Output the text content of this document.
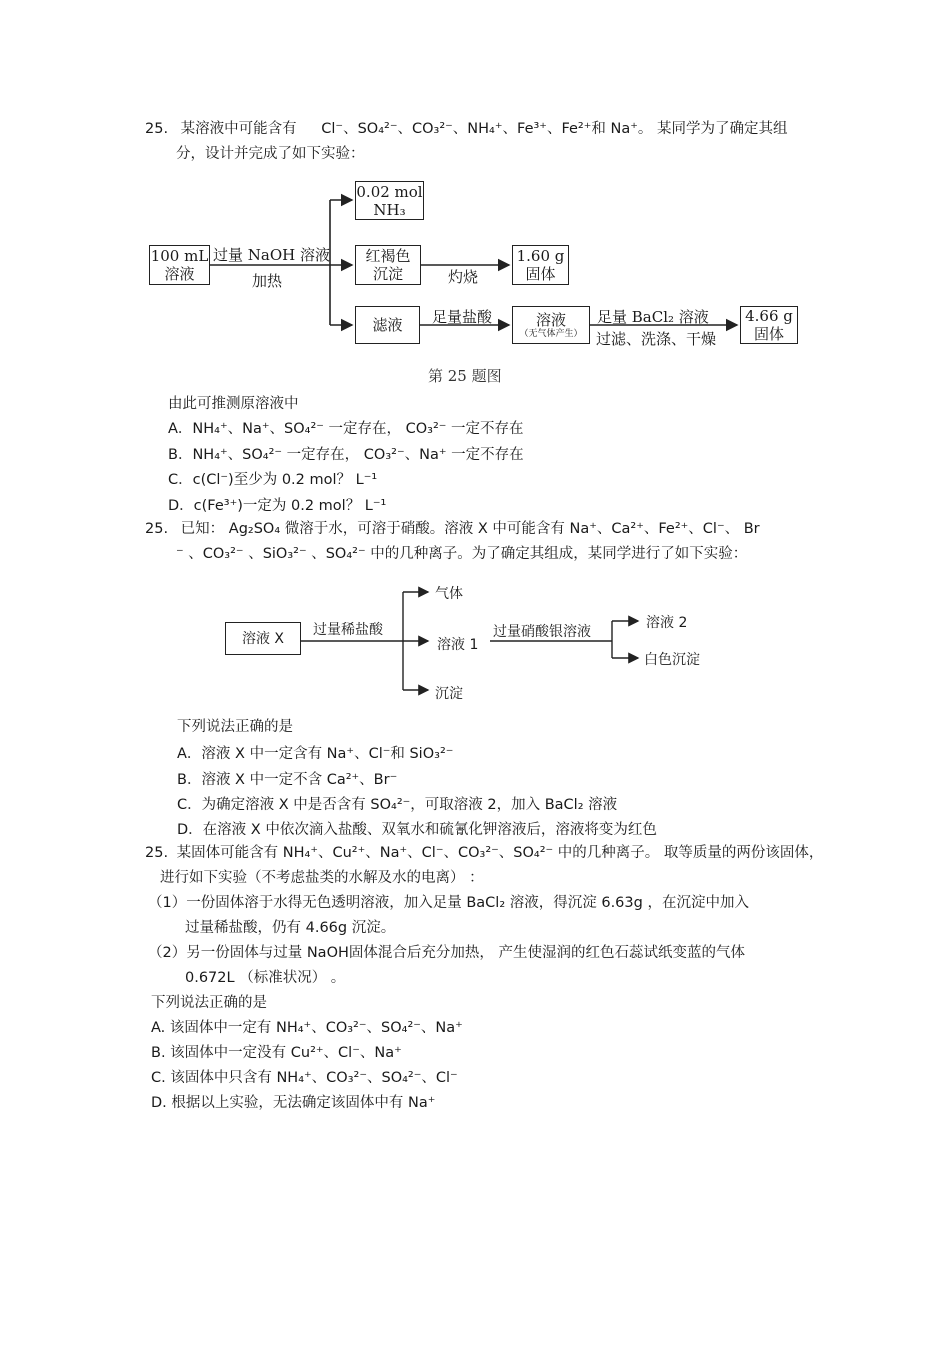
25. 某溶液中可能含有 Cl⁻、SO₄²⁻、CO₃²⁻、NH₄⁺、Fe³⁺、Fe²⁺和 Na⁺。 某同学为了确定其组
分，设计并完成了如下实验：
100 mL
溶液
过量 NaOH 溶液
加热
0.02 mol
NH₃
红褐色
沉淀	灼烧
1.60 g
固体
滤液 足量盐酸	溶液
（无气体产生）
足量 BaCl₂ 溶液
过滤、洗涤、干燥
4.66 g
固体
第 25 题图
由此可推测原溶液中
A．NH₄⁺、Na⁺、SO₄²⁻ 一定存在， CO₃²⁻ 一定不存在
B．NH₄⁺、SO₄²⁻ 一定存在， CO₃²⁻、Na⁺ 一定不存在
C．c(Cl⁻)至少为 0.2 mol？ L⁻¹
D．c(Fe³⁺)一定为 0.2 mol？ L⁻¹
25. 已知： Ag₂SO₄ 微溶于水，可溶于硝酸。溶液 X 中可能含有 Na⁺、Ca²⁺、Fe²⁺、Cl⁻、 Br
⁻ 、CO₃²⁻ 、SiO₃²⁻ 、SO₄²⁻ 中的几种离子。为了确定其组成，某同学进行了如下实验：
溶液 X
过量稀盐酸
气体
溶液 1
沉淀
过量硝酸银溶液
溶液 2
白色沉淀
下列说法正确的是
A．溶液 X 中一定含有 Na⁺、Cl⁻和 SiO₃²⁻
B．溶液 X 中一定不含 Ca²⁺、Br⁻
C．为确定溶液 X 中是否含有 SO₄²⁻，可取溶液 2，加入 BaCl₂ 溶液
D．在溶液 X 中依次滴入盐酸、双氧水和硫氰化钾溶液后，溶液将变为红色
25. 某固体可能含有 NH₄⁺、Cu²⁺、Na⁺、Cl⁻、CO₃²⁻、SO₄²⁻ 中的几种离子。 取等质量的两份该固体，
进行如下实验（不考虑盐类的水解及水的电离） ：
（1）一份固体溶于水得无色透明溶液，加入足量 BaCl₂ 溶液，得沉淀 6.63g ，在沉淀中加入
过量稀盐酸，仍有 4.66g 沉淀。
（2）另一份固体与过量 NaOH固体混合后充分加热， 产生使湿润的红色石蕊试纸变蓝的气体
0.672L （标准状况） 。
下列说法正确的是
A. 该固体中一定有 NH₄⁺、CO₃²⁻、SO₄²⁻、Na⁺
B. 该固体中一定没有 Cu²⁺、Cl⁻、Na⁺
C. 该固体中只含有 NH₄⁺、CO₃²⁻、SO₄²⁻、Cl⁻
D. 根据以上实验，无法确定该固体中有 Na⁺
